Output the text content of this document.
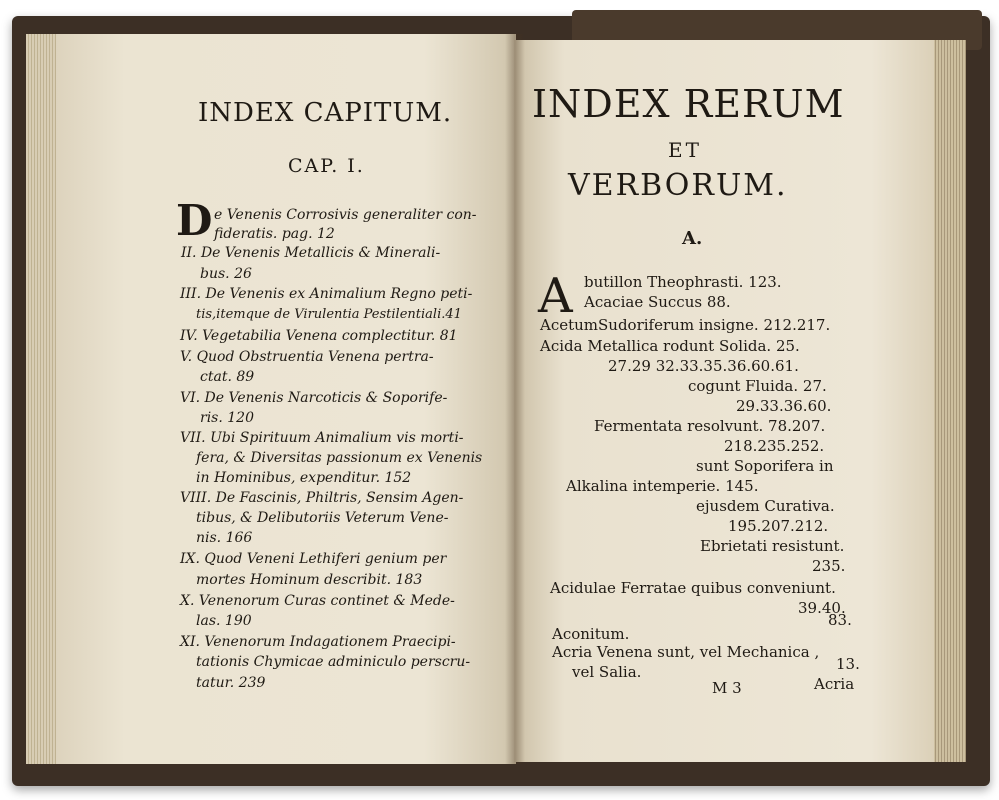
INDEX CAPITUM.
CAP. I.
D e Venenis Corrosivis generaliter con-
fideratis. pag. 12
II. De Venenis Metallicis & Minerali-
bus. 26
III. De Venenis ex Animalium Regno peti-
tis,itemque de Virulentia Pestilentiali.41
IV. Vegetabilia Venena complectitur. 81
V. Quod Obstruentia Venena pertra-
ctat. 89
VI. De Venenis Narcoticis & Soporife-
ris. 120
VII. Ubi Spirituum Animalium vis morti-
fera, & Diversitas passionum ex Venenis
in Hominibus, expenditur. 152
VIII. De Fascinis, Philtris, Sensim Agen-
tibus, & Delibutoriis Veterum Vene-
nis. 166
IX. Quod Veneni Lethiferi genium per
mortes Hominum describit. 183
X. Venenorum Curas continet & Mede-
las. 190
XI. Venenorum Indagationem Praecipi-
tationis Chymicae adminiculo perscru-
tatur. 239
INDEX RERUM
ET
VERBORUM.
A.
A butillon Theophrasti. 123.
Acaciae Succus 88.
AcetumSudoriferum insigne. 212.217.
Acida Metallica rodunt Solida. 25.
27.29 32.33.35.36.60.61.
cogunt Fluida. 27.
29.33.36.60.
Fermentata resolvunt. 78.207.
218.235.252.
sunt Soporifera in
Alkalina intemperie. 145.
ejusdem Curativa.
195.207.212.
Ebrietati resistunt.
235.
Acidulae Ferratae quibus conveniunt.
39.40.
83.
Aconitum.
Acria Venena sunt, vel Mechanica ,
13.
vel Salia.
M 3	Acria
